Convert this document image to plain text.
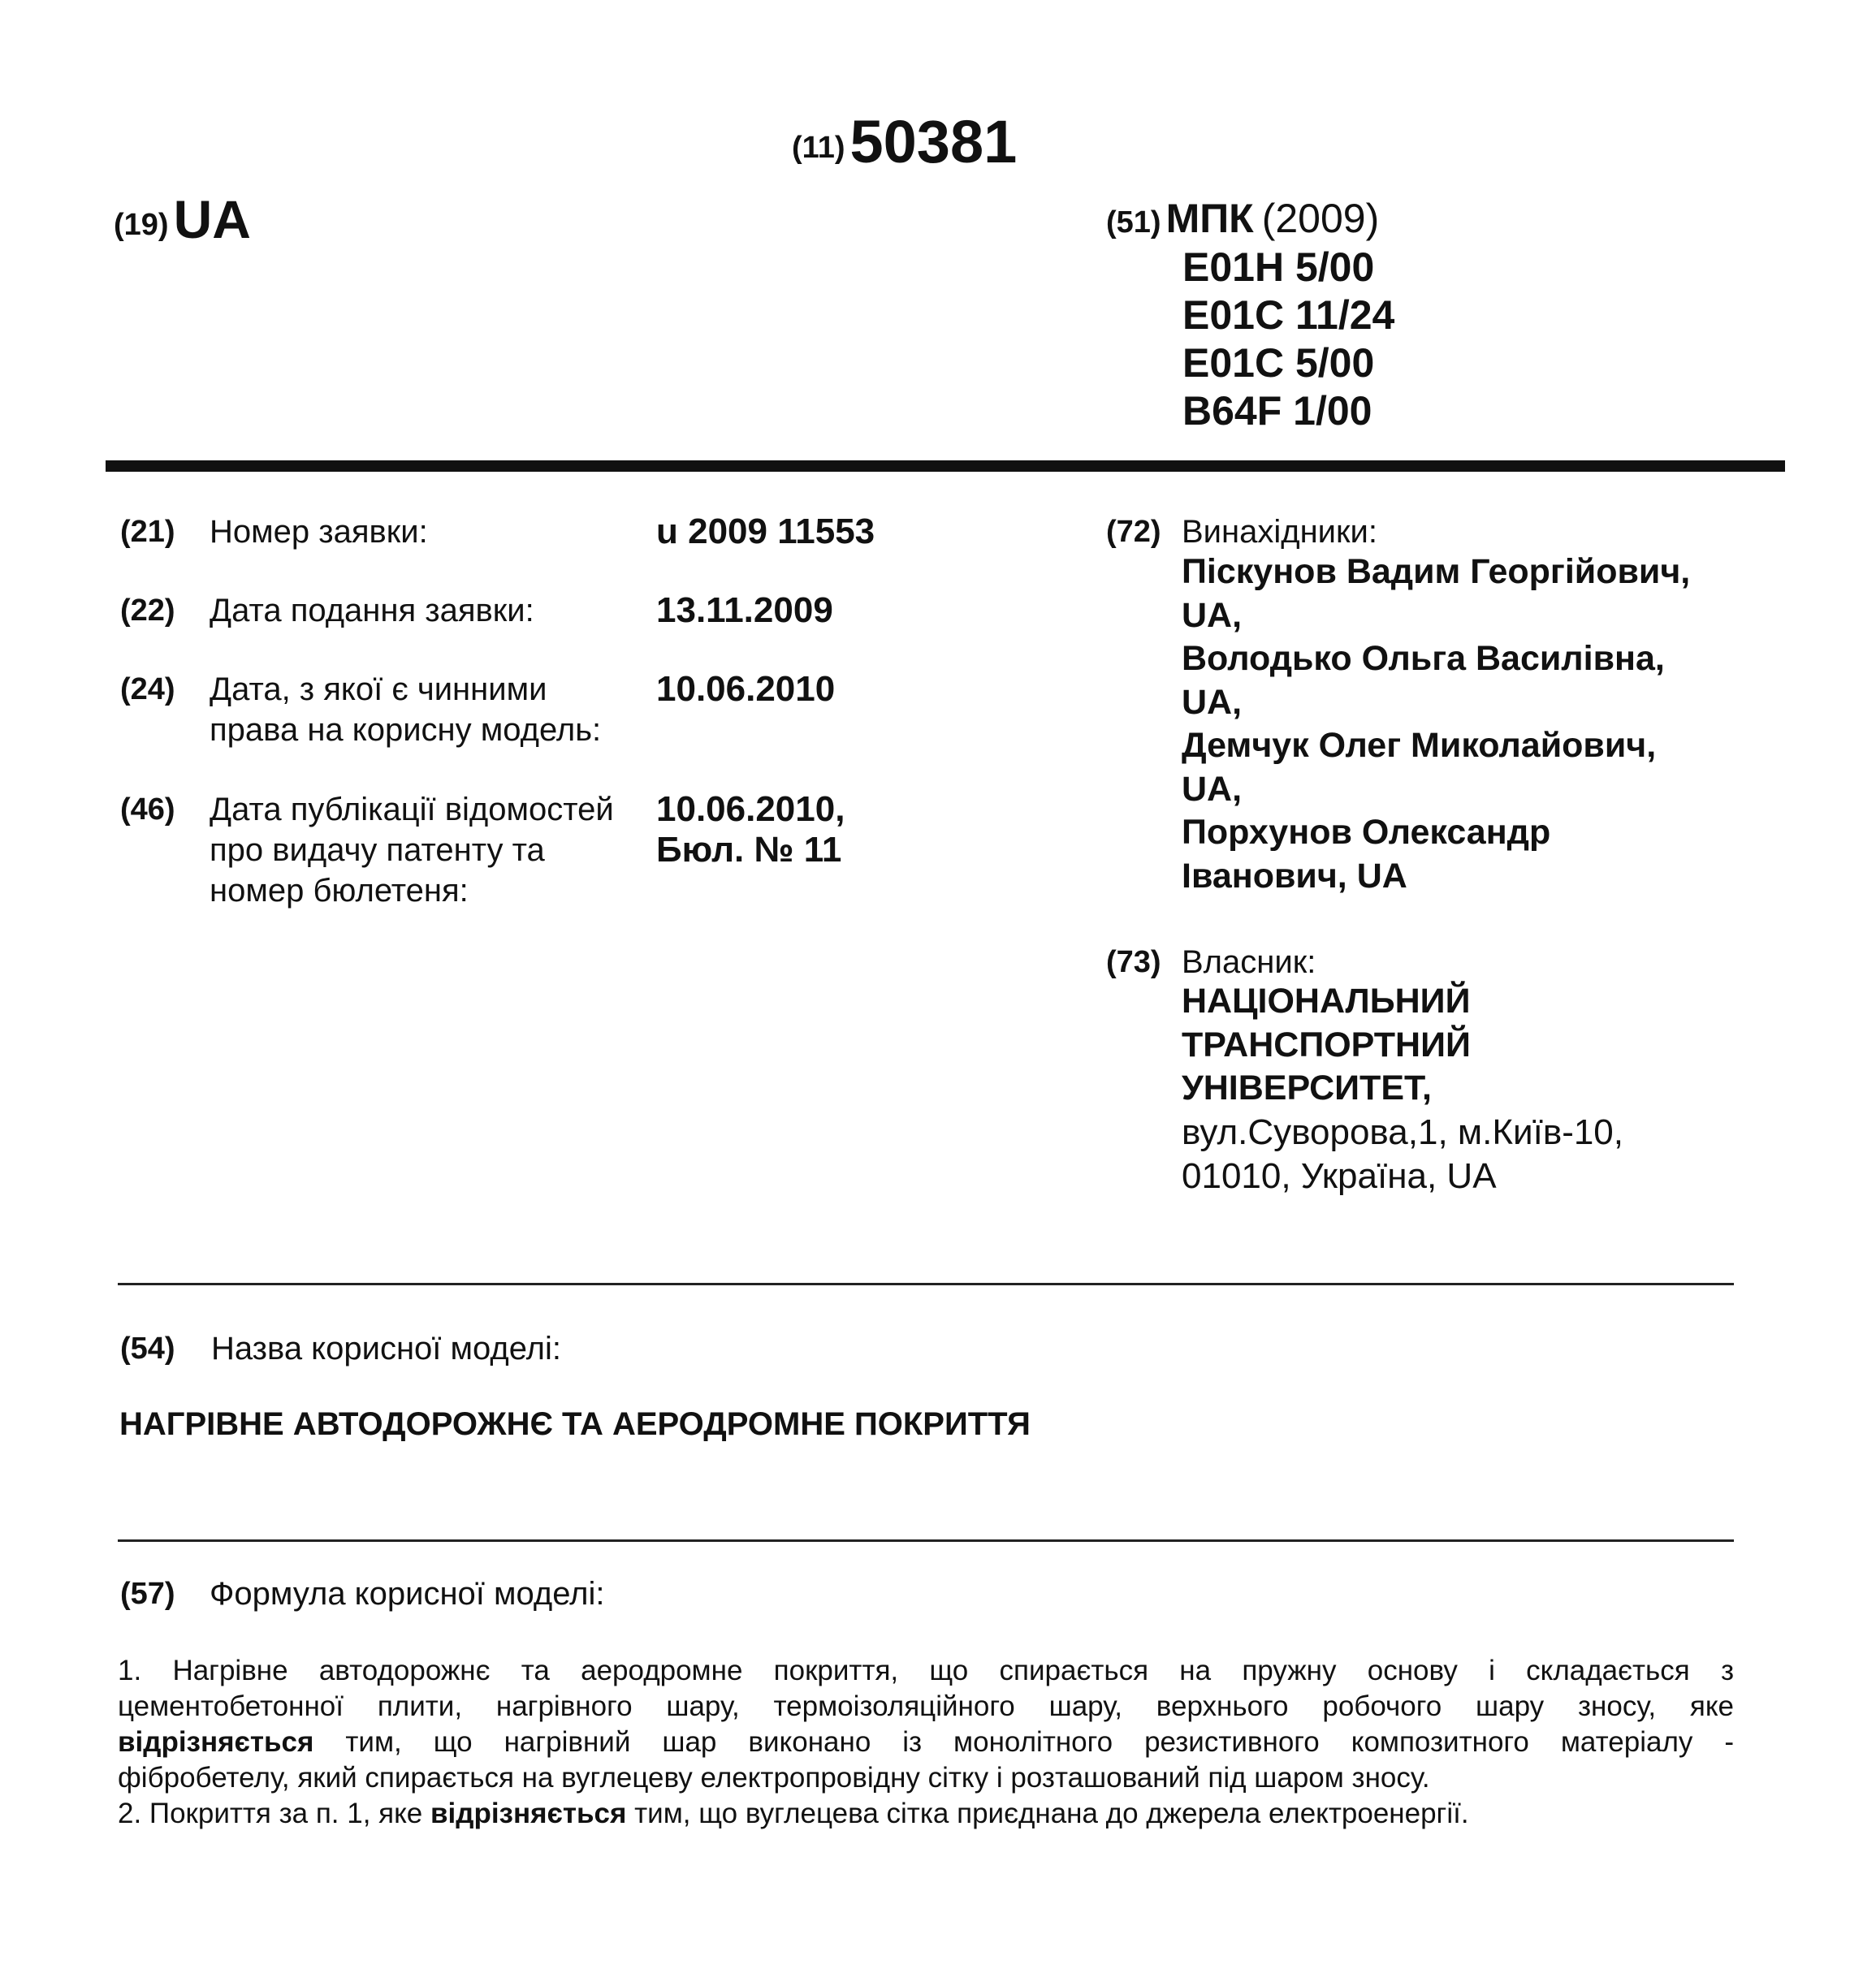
(11)50381
(19)UA	(51) МПК (2009)
E01H 5/00
E01C 11/24
E01C 5/00
B64F 1/00
(21) Номер заявки:	u 2009 11553
(22) Дата подання заявки:	13.11.2009
(24) Дата, з якої є чинними
права на корисну модель:
10.06.2010
(46) Дата публікації відомостей
про видачу патенту та
номер бюлетеня:
10.06.2010,
Бюл. № 11
(72) Винахідники:
Піскунов Вадим Георгійович,
UA,
Володько Ольга Василівна,
UA,
Демчук Олег Миколайович,
UA,
Порхунов Олександр
Іванович, UA
(73) Власник:
НАЦІОНАЛЬНИЙ
ТРАНСПОРТНИЙ
УНІВЕРСИТЕТ,
вул.Суворова,1, м.Київ-10,
01010, Україна, UA
(54) Назва корисної моделі:
НАГРІВНЕ АВТОДОРОЖНЄ ТА АЕРОДРОМНЕ ПОКРИТТЯ
(57) Формула корисної моделі:
1. Нагрівне автодорожнє та аеродромне покриття, що спирається на пружну основу і складається з
цементобетонної плити, нагрівного шару, термоізоляційного шару, верхнього робочого шару зносу, яке
відрізняється тим, що нагрівний шар виконано із монолітного резистивного композитного матеріалу -
фібробетелу, який спирається на вуглецеву електропровідну сітку і розташований під шаром зносу.
2. Покриття за п. 1, яке відрізняється тим, що вуглецева сітка приєднана до джерела електроенергії.
